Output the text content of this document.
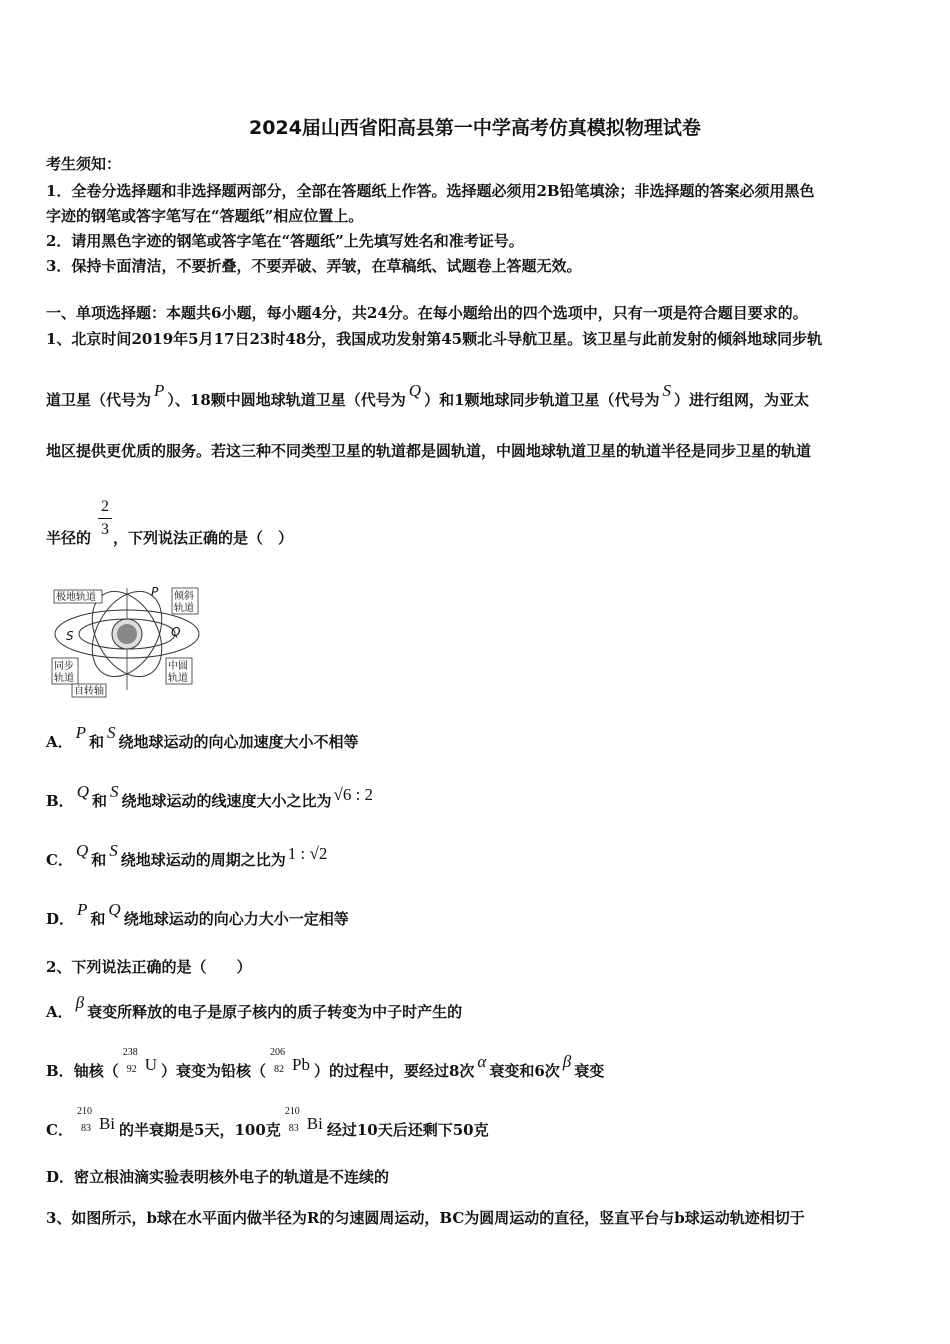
2024届山西省阳高县第一中学高考仿真模拟物理试卷
考生须知：
1．全卷分选择题和非选择题两部分，全部在答题纸上作答。选择题必须用2B铅笔填涂；非选择题的答案必须用黑色
字迹的钢笔或答字笔写在“答题纸”相应位置上。
2．请用黑色字迹的钢笔或答字笔在“答题纸”上先填写姓名和准考证号。
3．保持卡面清洁，不要折叠，不要弄破、弄皱，在草稿纸、试题卷上答题无效。
一、单项选择题：本题共6小题，每小题4分，共24分。在每小题给出的四个选项中，只有一项是符合题目要求的。
1、北京时间2019年5月17日23时48分，我国成功发射第45颗北斗导航卫星。该卫星与此前发射的倾斜地球同步轨
道卫星（代号为 P ）、18颗中圆地球轨道卫星（代号为 Q ）和1颗地球同步轨道卫星（代号为 S ）进行组网，为亚太
地区提供更优质的服务。若这三种不同类型卫星的轨道都是圆轨道，中圆地球轨道卫星的轨道半径是同步卫星的轨道
2
3
半径的 ，下列说法正确的是（　）
极地轨道	倾斜
轨道
同步
轨道
中圆
轨道
自转轴
P
S	Q
A． P 和 S 绕地球运动的向心加速度大小不相等
B． Q 和 S 绕地球运动的线速度大小之比为 √6 : 2
C． Q 和 S 绕地球运动的周期之比为 1 : √2
D． P 和 Q 绕地球运动的向心力大小一定相等
2、下列说法正确的是（　　）
A． β 衰变所释放的电子是原子核内的质子转变为中子时产生的
B．铀核（
238
92 U ）衰变为铅核（
206
82 Pb ）的过程中，要经过8次 α 衰变和6次 β 衰变
C．
210
83 Bi 的半衰期是5天，100克
210
83 Bi 经过10天后还剩下50克
D．密立根油滴实验表明核外电子的轨道是不连续的
3、如图所示，b球在水平面内做半径为R的匀速圆周运动，BC为圆周运动的直径，竖直平台与b球运动轨迹相切于
